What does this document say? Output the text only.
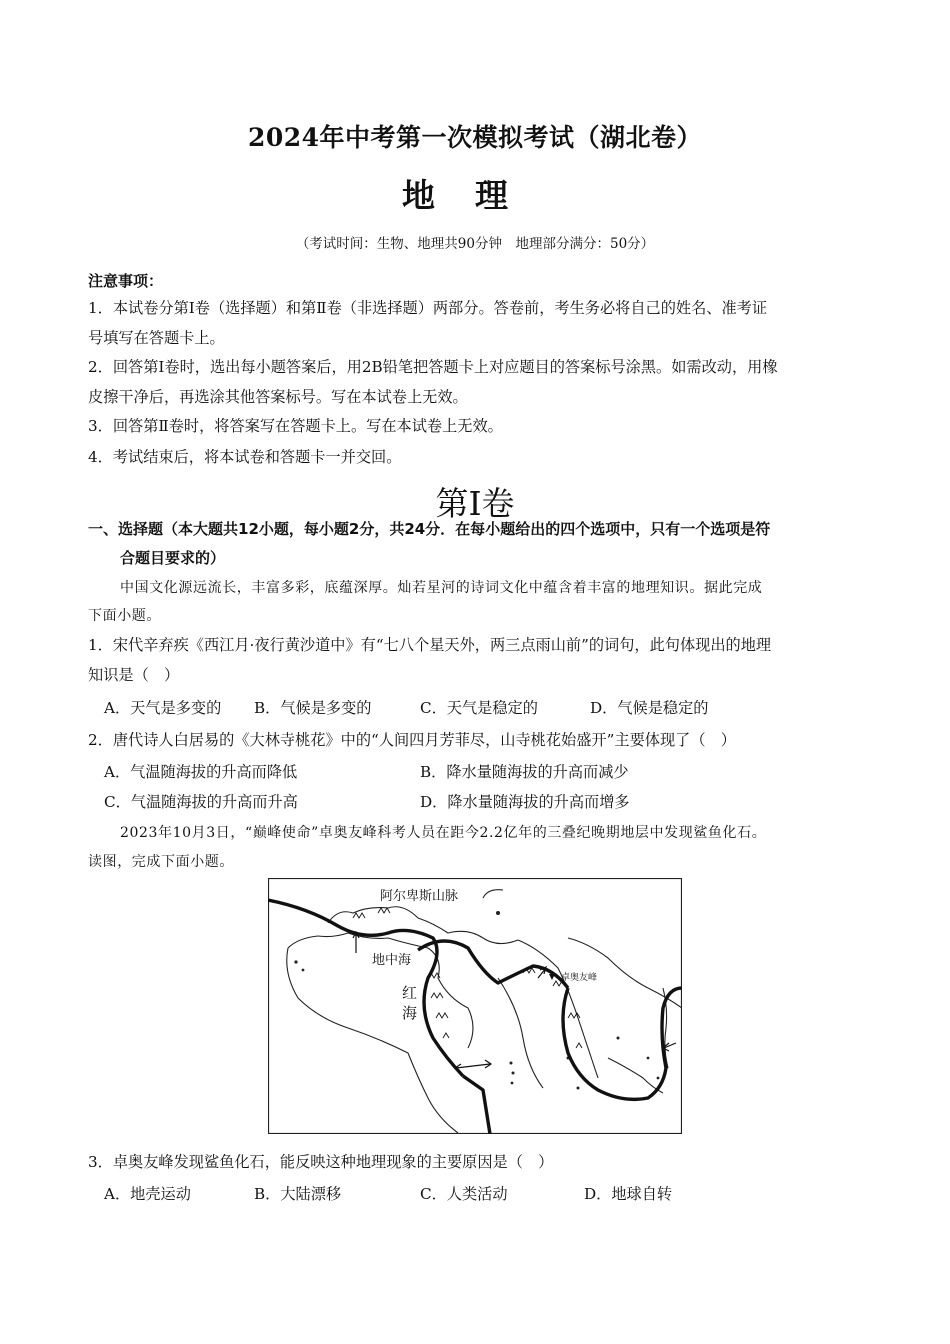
2024年中考第一次模拟考试（湖北卷）
地理
（考试时间：生物、地理共90分钟　地理部分满分：50分）
注意事项：
1．本试卷分第Ⅰ卷（选择题）和第Ⅱ卷（非选择题）两部分。答卷前，考生务必将自己的姓名、准考证
号填写在答题卡上。
2．回答第Ⅰ卷时，选出每小题答案后，用2B铅笔把答题卡上对应题目的答案标号涂黑。如需改动，用橡
皮擦干净后，再选涂其他答案标号。写在本试卷上无效。
3．回答第Ⅱ卷时，将答案写在答题卡上。写在本试卷上无效。
4．考试结束后，将本试卷和答题卡一并交回。
第Ⅰ卷
一、选择题（本大题共12小题，每小题2分，共24分．在每小题给出的四个选项中，只有一个选项是符
合题目要求的）
中国文化源远流长，丰富多彩，底蕴深厚。灿若星河的诗词文化中蕴含着丰富的地理知识。据此完成
下面小题。
1．宋代辛弃疾《西江月·夜行黄沙道中》有“七八个星天外，两三点雨山前”的词句，此句体现出的地理
知识是（　）
A．天气是多变的 B．气候是多变的	C．天气是稳定的	D．气候是稳定的
2．唐代诗人白居易的《大林寺桃花》中的“人间四月芳菲尽，山寺桃花始盛开”主要体现了（　）
A．气温随海拔的升高而降低	B．降水量随海拔的升高而减少
C．气温随海拔的升高而升高	D．降水量随海拔的升高而增多
2023年10月3日，“巅峰使命”卓奥友峰科考人员在距今2.2亿年的三叠纪晚期地层中发现鲨鱼化石。
读图，完成下面小题。
阿尔卑斯山脉
地中海
红
海
卓奥友峰
3．卓奥友峰发现鲨鱼化石，能反映这种地理现象的主要原因是（　）
A．地壳运动	B．大陆漂移	C．人类活动	D．地球自转
